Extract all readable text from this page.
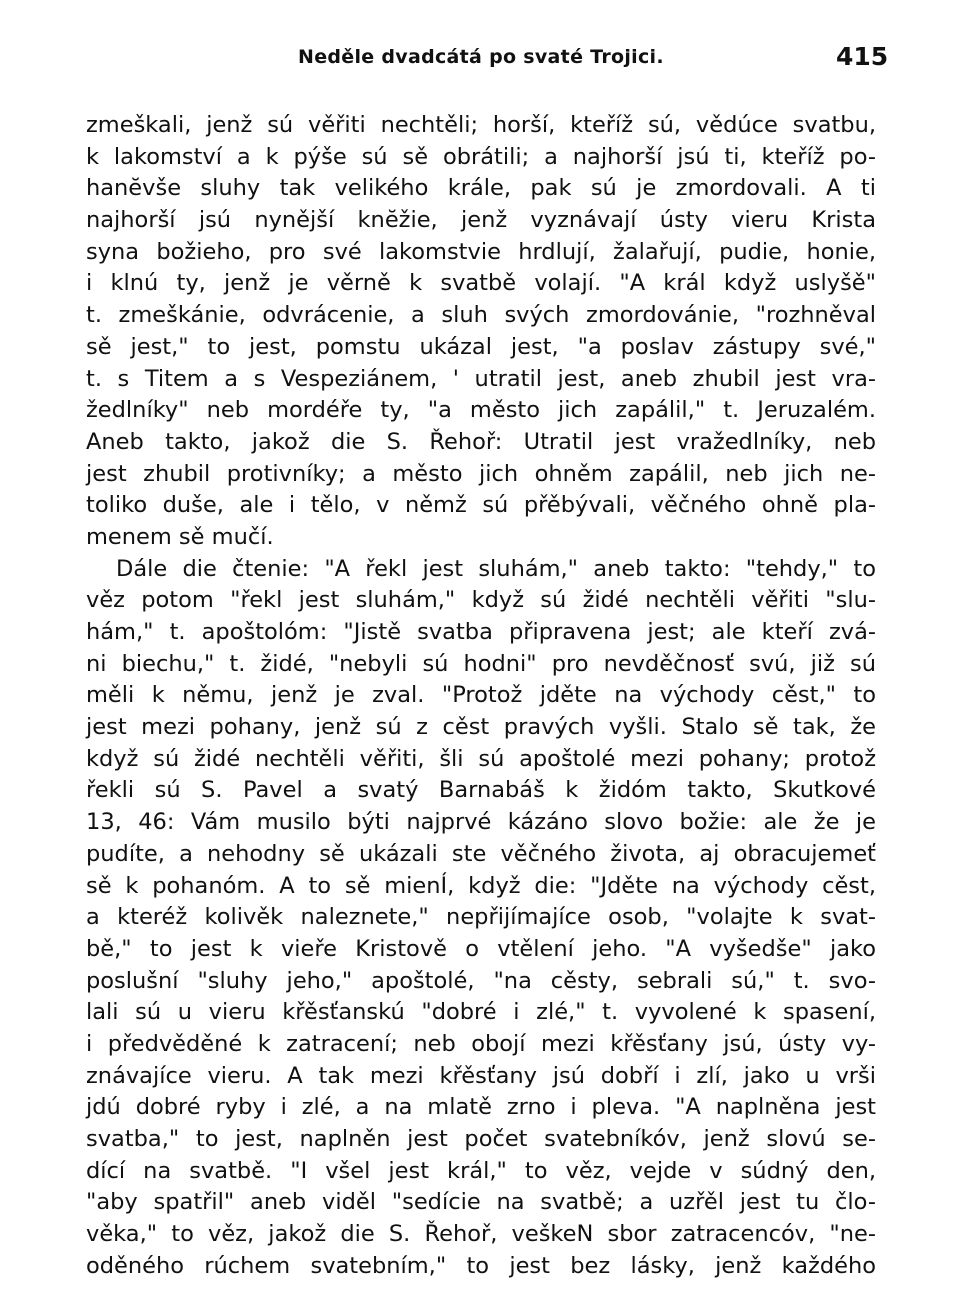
Neděle dvadcátá po svaté Trojici.	415
zmeškali, jenž sú věřiti nechtěli; horší, kteříž sú, vědúce svatbu,
k lakomství a k pýše sú sě obrátili; a najhorší jsú ti, kteříž po-
hanĕvše sluhy tak velikého krále, pak sú je zmordovali. A ti
najhorší jsú nynější knĕžie, jenž vyznávají ústy vieru Krista
syna božieho, pro své lakomstvie hrdlují, žalařují, pudie, honie,
i klnú ty, jenž je věrně k svatbě volají. "A král když uslyšě"
t. zmeškánie, odvrácenie, a sluh svých zmordovánie, "rozhněval
sě jest," to jest, pomstu ukázal jest, "a poslav zástupy své,"
t. s Titem a s Vespeziánem, ' utratil jest, aneb zhubil jest vra-
žedlníky" neb mordéře ty, "a město jich zapálil," t. Jeruzalém.
Aneb takto, jakož die S. Řehoř: Utratil jest vražedlníky, neb
jest zhubil protivníky; a město jich ohněm zapálil, neb jich ne-
toliko duše, ale i tělo, v němž sú přěbývali, věčného ohně pla-
menem sě mučí.
Dále die čtenie: "A řekl jest sluhám," aneb takto: "tehdy," to
věz potom "řekl jest sluhám," když sú židé nechtěli věřiti "slu-
hám," t. apoštolóm: "Jistě svatba připravena jest; ale kteří zvá-
ni biechu," t. židé, "nebyli sú hodni" pro nevděčnosť svú, již sú
měli k němu, jenž je zval. "Protož jděte na východy cěst," to
jest mezi pohany, jenž sú z cěst pravých vyšli. Stalo sě tak, že
když sú židé nechtěli věřiti, šli sú apoštolé mezi pohany; protož
řekli sú S. Pavel a svatý Barnabáš k židóm takto, Skutkové
13, 46: Vám musilo býti najprvé kázáno slovo božie: ale že je
pudíte, a nehodny sě ukázali ste věčného života, aj obracujemeť
sě k pohanóm. A to sě mienÍ, když die: "Jděte na východy cěst,
a kteréž kolivěk naleznete," nepřijímajíce osob, "volajte k svat-
bě," to jest k vieře Kristově o vtělení jeho. "A vyšedše" jako
poslušní "sluhy jeho," apoštolé, "na cěsty, sebrali sú," t. svo-
lali sú u vieru křěsťanskú "dobré i zlé," t. vyvolené k spasení,
i předvěděné k zatracení; neb obojí mezi křěsťany jsú, ústy vy-
znávajíce vieru. A tak mezi křěsťany jsú dobří i zlí, jako u vrši
jdú dobré ryby i zlé, a na mlatě zrno i pleva. "A naplněna jest
svatba," to jest, naplněn jest počet svatebníkóv, jenž slovú se-
dící na svatbě. "I všel jest král," to věz, vejde v súdný den,
"aby spatřil" aneb viděl "sedície na svatbě; a uzřěl jest tu člo-
věka," to věz, jakož die S. Řehoř, veškeN sbor zatracencóv, "ne-
oděného rúchem svatebním," to jest bez lásky, jenž každého
